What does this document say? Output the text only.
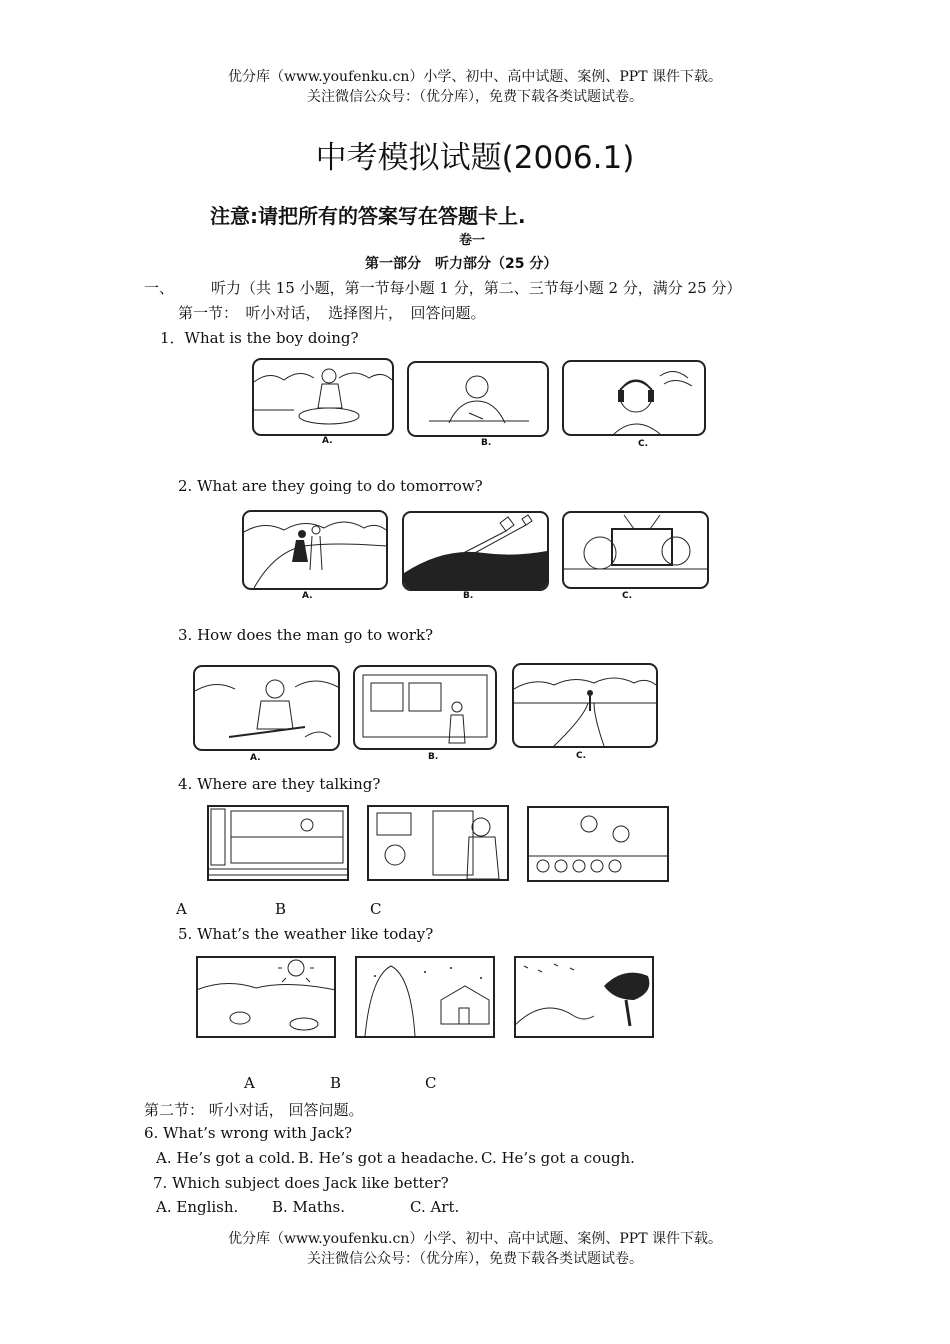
优分库（www.youfenku.cn）小学、初中、高中试题、案例、PPT 课件下载。
关注微信公众号：（优分库），免费下载各类试题试卷。
中考模拟试题(2006.1)
注意:请把所有的答案写在答题卡上.
卷一
第一部分　听力部分（25 分）
一、 听力（共 15 小题，第一节每小题 1 分，第二、三节每小题 2 分，满分 25 分）
第一节：　听小对话，　选择图片，　回答问题。
1．What is the boy doing?
A.	B.	C.
2. What are they going to do tomorrow?
A.	B.	C.
3. How does the man go to work?
A.	B.	C.
4. Where are they talking?
A	B	C
5. What’s the weather like today?
A	B	C
第二节： 听小对话， 回答问题。
6. What’s wrong with Jack?
A. He’s got a cold. B. He’s got a headache. C. He’s got a cough.
7. Which subject does Jack like better?
A. English. B. Maths.	C. Art.
优分库（www.youfenku.cn）小学、初中、高中试题、案例、PPT 课件下载。
关注微信公众号：（优分库），免费下载各类试题试卷。
